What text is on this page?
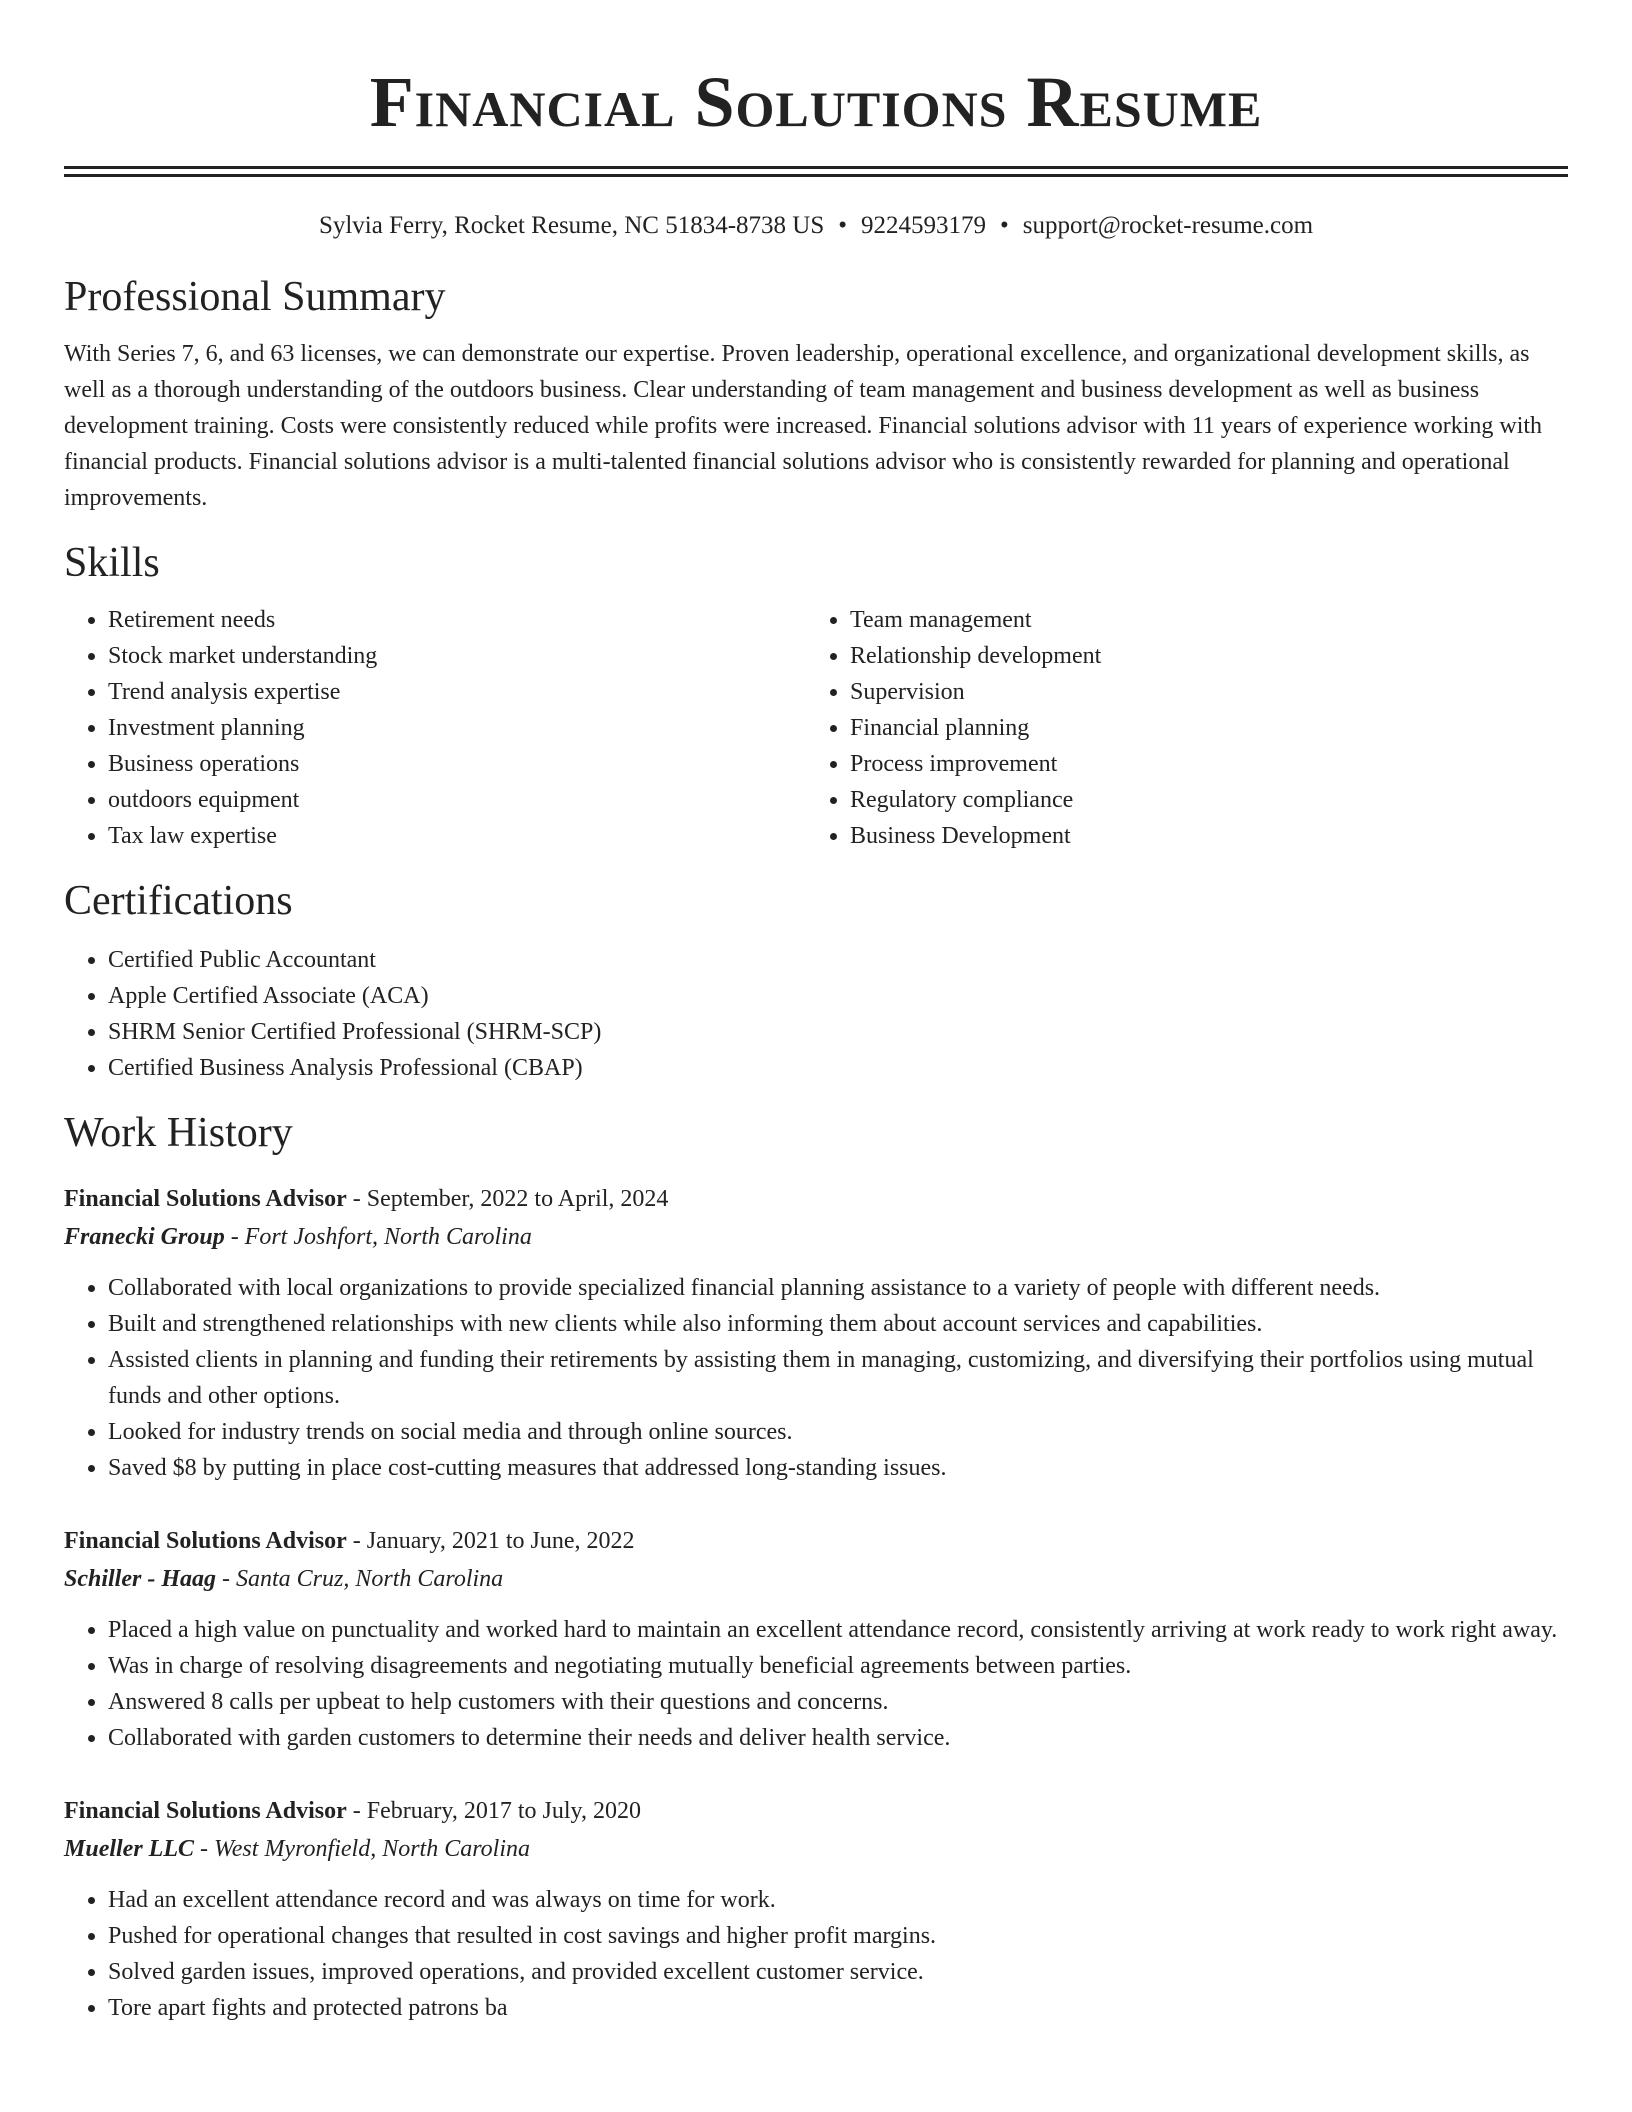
Financial Solutions Resume
Sylvia Ferry, Rocket Resume, NC 51834-8738 US • 9224593179 • support@rocket-resume.com
Professional Summary
With Series 7, 6, and 63 licenses, we can demonstrate our expertise. Proven leadership, operational excellence, and organizational development skills, as well as a thorough understanding of the outdoors business. Clear understanding of team management and business development as well as business development training. Costs were consistently reduced while profits were increased. Financial solutions advisor with 11 years of experience working with financial products. Financial solutions advisor is a multi-talented financial solutions advisor who is consistently rewarded for planning and operational improvements.
Skills
• Retirement needs
• Stock market understanding
• Trend analysis expertise
• Investment planning
• Business operations
• outdoors equipment
• Tax law expertise
• Team management
• Relationship development
• Supervision
• Financial planning
• Process improvement
• Regulatory compliance
• Business Development
Certifications
• Certified Public Accountant
• Apple Certified Associate (ACA)
• SHRM Senior Certified Professional (SHRM-SCP)
• Certified Business Analysis Professional (CBAP)
Work History
Financial Solutions Advisor - September, 2022 to April, 2024
Franecki Group - Fort Joshfort, North Carolina
• Collaborated with local organizations to provide specialized financial planning assistance to a variety of people with different needs.
• Built and strengthened relationships with new clients while also informing them about account services and capabilities.
• Assisted clients in planning and funding their retirements by assisting them in managing, customizing, and diversifying their portfolios using mutual funds and other options.
• Looked for industry trends on social media and through online sources.
• Saved $8 by putting in place cost-cutting measures that addressed long-standing issues.
Financial Solutions Advisor - January, 2021 to June, 2022
Schiller - Haag - Santa Cruz, North Carolina
• Placed a high value on punctuality and worked hard to maintain an excellent attendance record, consistently arriving at work ready to work right away.
• Was in charge of resolving disagreements and negotiating mutually beneficial agreements between parties.
• Answered 8 calls per upbeat to help customers with their questions and concerns.
• Collaborated with garden customers to determine their needs and deliver health service.
Financial Solutions Advisor - February, 2017 to July, 2020
Mueller LLC - West Myronfield, North Carolina
• Had an excellent attendance record and was always on time for work.
• Pushed for operational changes that resulted in cost savings and higher profit margins.
• Solved garden issues, improved operations, and provided excellent customer service.
• Tore apart fights and protected patrons ba
